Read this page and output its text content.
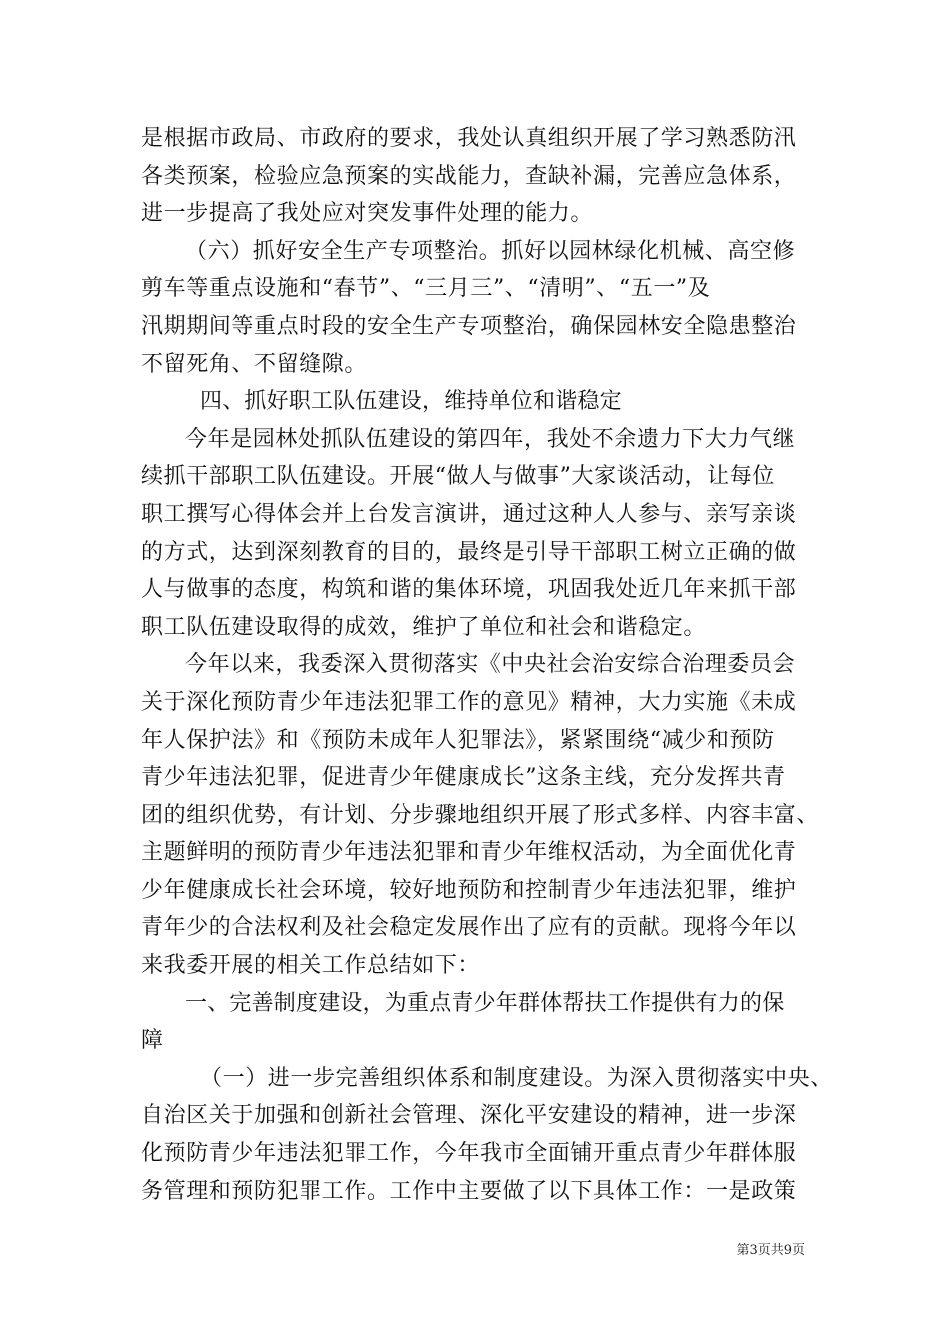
是根据市政局、市政府的要求，我处认真组织开展了学习熟悉防汛
各类预案，检验应急预案的实战能力，查缺补漏，完善应急体系，
进一步提高了我处应对突发事件处理的能力。
（六）抓好安全生产专项整治。抓好以园林绿化机械、高空修
剪车等重点设施和“春节”、“三月三”、“清明”、“五一”及
汛期期间等重点时段的安全生产专项整治，确保园林安全隐患整治
不留死角、不留缝隙。
四、抓好职工队伍建设，维持单位和谐稳定
今年是园林处抓队伍建设的第四年，我处不余遗力下大力气继
续抓干部职工队伍建设。开展“做人与做事”大家谈活动，让每位
职工撰写心得体会并上台发言演讲，通过这种人人参与、亲写亲谈
的方式，达到深刻教育的目的，最终是引导干部职工树立正确的做
人与做事的态度，构筑和谐的集体环境，巩固我处近几年来抓干部
职工队伍建设取得的成效，维护了单位和社会和谐稳定。
今年以来，我委深入贯彻落实《中央社会治安综合治理委员会
关于深化预防青少年违法犯罪工作的意见》精神，大力实施《未成
年人保护法》和《预防未成年人犯罪法》，紧紧围绕“减少和预防
青少年违法犯罪，促进青少年健康成长”这条主线，充分发挥共青
团的组织优势，有计划、分步骤地组织开展了形式多样、内容丰富、
主题鲜明的预防青少年违法犯罪和青少年维权活动，为全面优化青
少年健康成长社会环境，较好地预防和控制青少年违法犯罪，维护
青年少的合法权利及社会稳定发展作出了应有的贡献。现将今年以
来我委开展的相关工作总结如下：
一、完善制度建设，为重点青少年群体帮扶工作提供有力的保
障
（一）进一步完善组织体系和制度建设。为深入贯彻落实中央、
自治区关于加强和创新社会管理、深化平安建设的精神，进一步深
化预防青少年违法犯罪工作，今年我市全面铺开重点青少年群体服
务管理和预防犯罪工作。工作中主要做了以下具体工作：一是政策
第3页共9页
